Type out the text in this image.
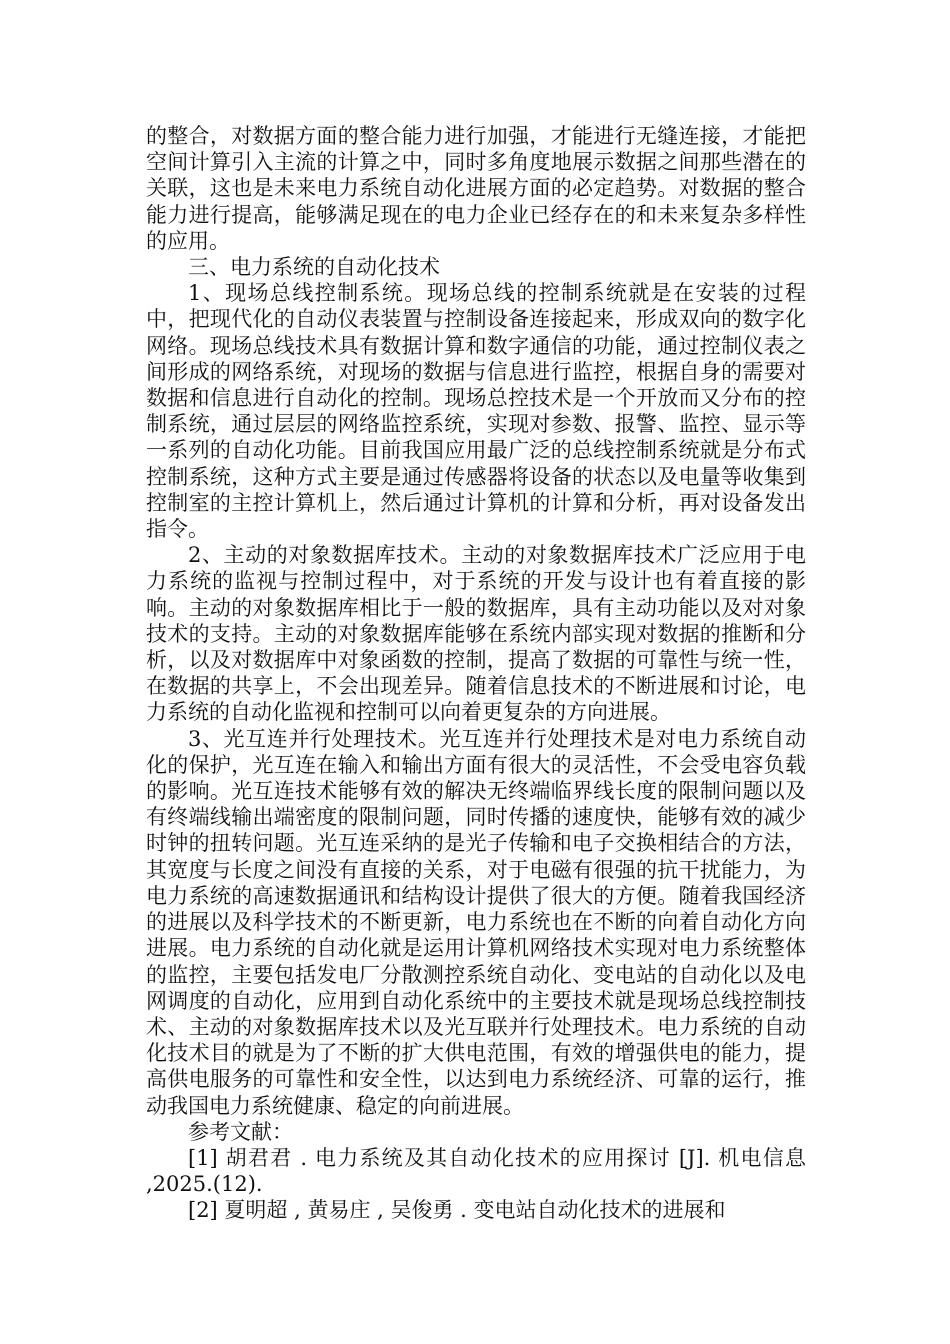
的整合，对数据方面的整合能力进行加强，才能进行无缝连接，才能把空间计算引入主流的计算之中，同时多角度地展示数据之间那些潜在的关联，这也是未来电力系统自动化进展方面的必定趋势。对数据的整合能力进行提高，能够满足现在的电力企业已经存在的和未来复杂多样性的应用。

三、电力系统的自动化技术

1、现场总线控制系统。现场总线的控制系统就是在安装的过程中，把现代化的自动仪表装置与控制设备连接起来，形成双向的数字化网络。现场总线技术具有数据计算和数字通信的功能，通过控制仪表之间形成的网络系统，对现场的数据与信息进行监控，根据自身的需要对数据和信息进行自动化的控制。现场总控技术是一个开放而又分布的控制系统，通过层层的网络监控系统，实现对参数、报警、监控、显示等一系列的自动化功能。目前我国应用最广泛的总线控制系统就是分布式控制系统，这种方式主要是通过传感器将设备的状态以及电量等收集到控制室的主控计算机上，然后通过计算机的计算和分析，再对设备发出指令。

2、主动的对象数据库技术。主动的对象数据库技术广泛应用于电力系统的监视与控制过程中，对于系统的开发与设计也有着直接的影响。主动的对象数据库相比于一般的数据库，具有主动功能以及对对象技术的支持。主动的对象数据库能够在系统内部实现对数据的推断和分析，以及对数据库中对象函数的控制，提高了数据的可靠性与统一性，在数据的共享上，不会出现差异。随着信息技术的不断进展和讨论，电力系统的自动化监视和控制可以向着更复杂的方向进展。

3、光互连并行处理技术。光互连并行处理技术是对电力系统自动化的保护，光互连在输入和输出方面有很大的灵活性，不会受电容负载的影响。光互连技术能够有效的解决无终端临界线长度的限制问题以及有终端线输出端密度的限制问题，同时传播的速度快，能够有效的减少时钟的扭转问题。光互连采纳的是光子传输和电子交换相结合的方法，其宽度与长度之间没有直接的关系，对于电磁有很强的抗干扰能力，为电力系统的高速数据通讯和结构设计提供了很大的方便。随着我国经济的进展以及科学技术的不断更新，电力系统也在不断的向着自动化方向进展。电力系统的自动化就是运用计算机网络技术实现对电力系统整体的监控，主要包括发电厂分散测控系统自动化、变电站的自动化以及电网调度的自动化，应用到自动化系统中的主要技术就是现场总线控制技术、主动的对象数据库技术以及光互联并行处理技术。电力系统的自动化技术目的就是为了不断的扩大供电范围，有效的增强供电的能力，提高供电服务的可靠性和安全性，以达到电力系统经济、可靠的运行，推动我国电力系统健康、稳定的向前进展。

参考文献：

[1] 胡君君 . 电力系统及其自动化技术的应用探讨 [J]. 机电信息 ,2025.(12).

[2] 夏明超 , 黄易庄 , 吴俊勇 . 变电站自动化技术的进展和
